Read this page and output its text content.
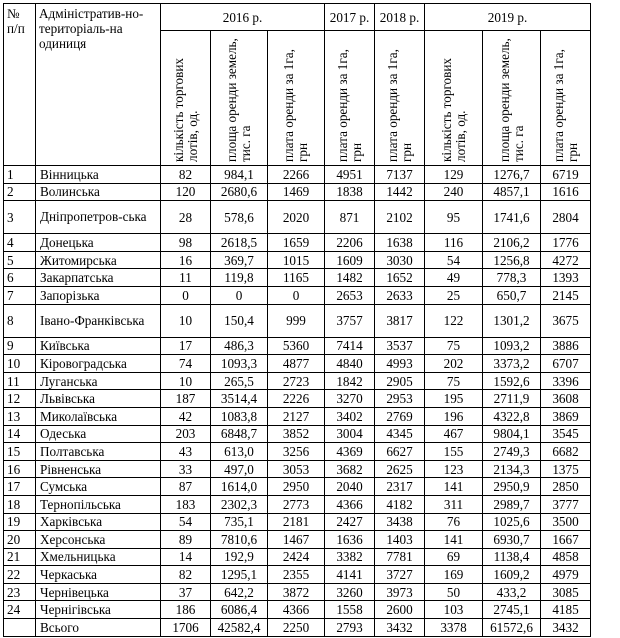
№ п/п	Адміністратив-но-територіаль-на одиниця	2016 р.			2017 р.	2018 р.	2019 р.		

		кількість торгових лотів, од.	площа оренди земель, тис. га	плата оренди за 1га, грн	плата оренди за 1га, грн	плата оренди за 1га, грн	кількість торгових лотів, од.	площа оренди земель, тис. га	плата оренди за 1га, грн

1	Вінницька	82	984,1	2266	4951	7137	129	1276,7	6719
2	Волинська	120	2680,6	1469	1838	1442	240	4857,1	1616
3	Дніпропетров-ська	28	578,6	2020	871	2102	95	1741,6	2804
4	Донецька	98	2618,5	1659	2206	1638	116	2106,2	1776
5	Житомирська	16	369,7	1015	1609	3030	54	1256,8	4272
6	Закарпатська	11	119,8	1165	1482	1652	49	778,3	1393
7	Запорізька	0	0	0	2653	2633	25	650,7	2145
8	Івано-Франківська	10	150,4	999	3757	3817	122	1301,2	3675
9	Київська	17	486,3	5360	7414	3537	75	1093,2	3886
10	Кіровоградська	74	1093,3	4877	4840	4993	202	3373,2	6707
11	Луганська	10	265,5	2723	1842	2905	75	1592,6	3396
12	Львівська	187	3514,4	2226	3270	2953	195	2711,9	3608
13	Миколаївська	42	1083,8	2127	3402	2769	196	4322,8	3869
14	Одеська	203	6848,7	3852	3004	4345	467	9804,1	3545
15	Полтавська	43	613,0	3256	4369	6627	155	2749,3	6682
16	Рівненська	33	497,0	3053	3682	2625	123	2134,3	1375
17	Сумська	87	1614,0	2950	2040	2317	141	2950,9	2850
18	Тернопільська	183	2302,3	2773	4366	4182	311	2989,7	3777
19	Харківська	54	735,1	2181	2427	3438	76	1025,6	3500
20	Херсонська	89	7810,6	1467	1636	1403	141	6930,7	1667
21	Хмельницька	14	192,9	2424	3382	7781	69	1138,4	4858
22	Черкаська	82	1295,1	2355	4141	3727	169	1609,2	4979
23	Чернівецька	37	642,2	3872	3260	3973	50	433,2	3085
24	Чернігівська	186	6086,4	4366	1558	2600	103	2745,1	4185
	Всього	1706	42582,4	2250	2793	3432	3378	61572,6	3432
